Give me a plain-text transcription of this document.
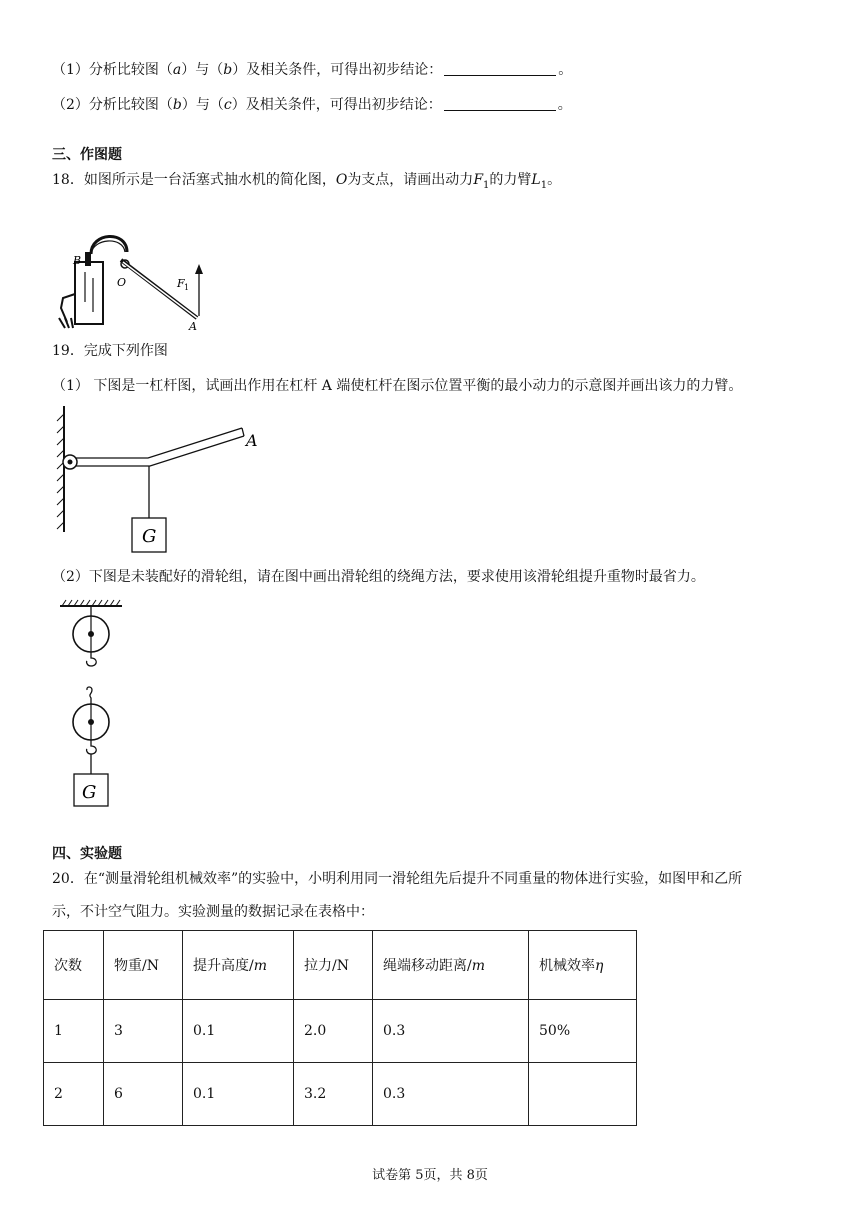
（1）分析比较图（a）与（b）及相关条件，可得出初步结论：	。
（2）分析比较图（b）与（c）及相关条件，可得出初步结论：	。
三、作图题
18．如图所示是一台活塞式抽水机的简化图，O为支点，请画出动力$F_1$的力臂$L_1$。
B
O	F 1
A
19．完成下列作图
（1） 下图是一杠杆图，试画出作用在杠杆 A 端使杠杆在图示位置平衡的最小动力的示意图并画出该力的力臂。
G
A
（2）下图是未装配好的滑轮组，请在图中画出滑轮组的绕绳方法，要求使用该滑轮组提升重物时最省力。
G
四、实验题
20．在“测量滑轮组机械效率”的实验中，小明利用同一滑轮组先后提升不同重量的物体进行实验，如图甲和乙所
示，不计空气阻力。实验测量的数据记录在表格中：
次数	物重/N	提升高度/m	拉力/N	绳端移动距离/m	机械效率η
1	3	0.1	2.0	0.3	50%
2	6	0.1	3.2	0.3	
试卷第 5页，共 8页
